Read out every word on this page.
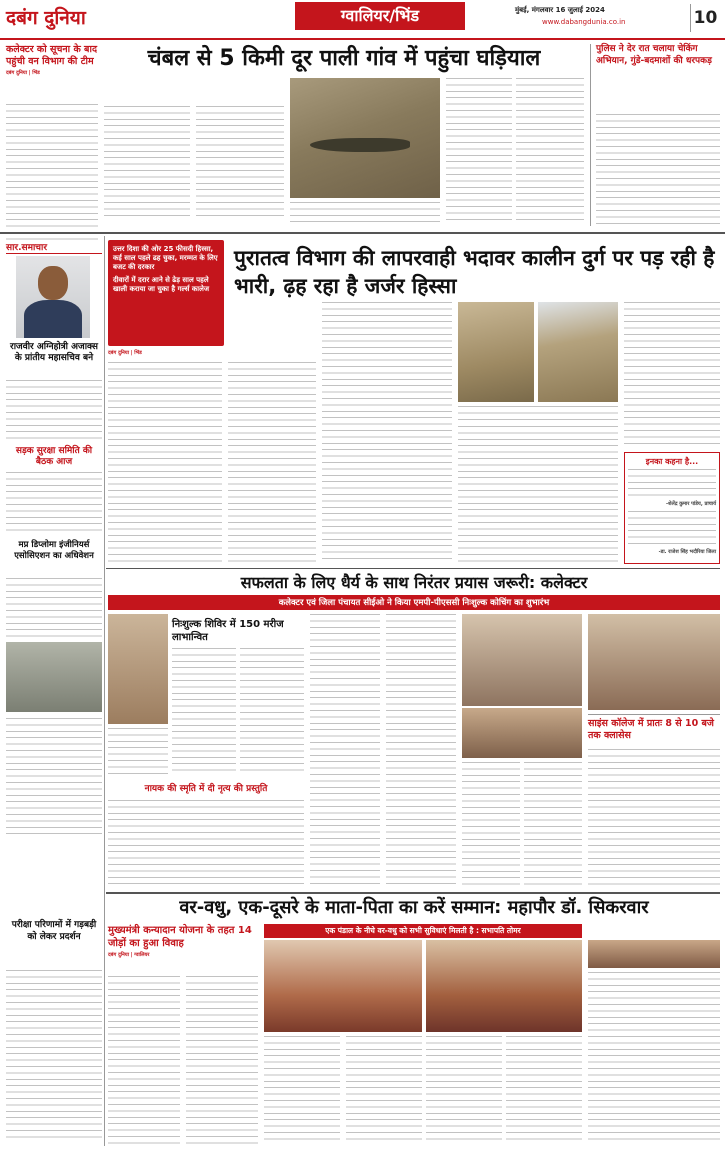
दबंग दुनिया	ग्वालियर/भिंड	मुंबई, मंगलवार 16 जुलाई 2024
www.dabangdunia.co.in	10
कलेक्टर को सूचना के बाद पहुंची वन विभाग की टीम
दबंग दुनिया | भिंड
चंबल से 5 किमी दूर पाली गांव में पहुंचा घड़ियाल	पुलिस ने देर रात चलाया चेकिंग अभियान, गुंडे-बदमाशों की धरपकड़
सार.समाचार
राजवीर अग्निहोत्री अजाक्स के प्रांतीय महासचिव बने
सड़क सुरक्षा समिति की बैठक आज
मप्र डिप्लोमा इंजीनियर्स एसोसिएशन का अधिवेशन
परीक्षा परिणामों में गड़बड़ी को लेकर प्रदर्शन
उत्तर दिशा की ओर 25 फीसदी हिस्सा, कई साल पहले ढह चुका, मरम्मत के लिए बजट की दरकार
दीवारों में दरार आने से ढेड़ साल पहले खाली कराया जा चुका है गर्ल्स कालेज
पुरातत्व विभाग की लापरवाही भदावर कालीन दुर्ग पर पड़ रही है भारी, ढ़ह रहा है जर्जर हिस्सा
दबंग दुनिया | भिंड
इनका कहना है...
-शेलेंद्र कुमार पांडेय, प्राचार्य
-डा. राजेश सिंह भदौरिया जिला
सफलता के लिए धैर्य के साथ निरंतर प्रयास जरूरी: कलेक्टर
कलेक्टर एवं जिला पंचायत सीईओ ने किया एमपी-पीएससी निःशुल्क कोचिंग का शुभारंभ
निःशुल्क शिविर में 150 मरीज लाभान्वित
नायक की स्मृति में दी नृत्य की प्रस्तुति
साइंस कॉलेज में प्रातः 8 से 10 बजे तक क्लासेस
वर-वधु, एक-दूसरे के माता-पिता का करें सम्मान: महापौर डॉ. सिकरवार
मुख्यमंत्री कन्यादान योजना के तहत 14 जोड़ों का हुआ विवाह
दबंग दुनिया | ग्वालियर
एक पंडाल के नीचे वर-वधु को सभी सुविधाएं मिलती है : सभापति तोमर
